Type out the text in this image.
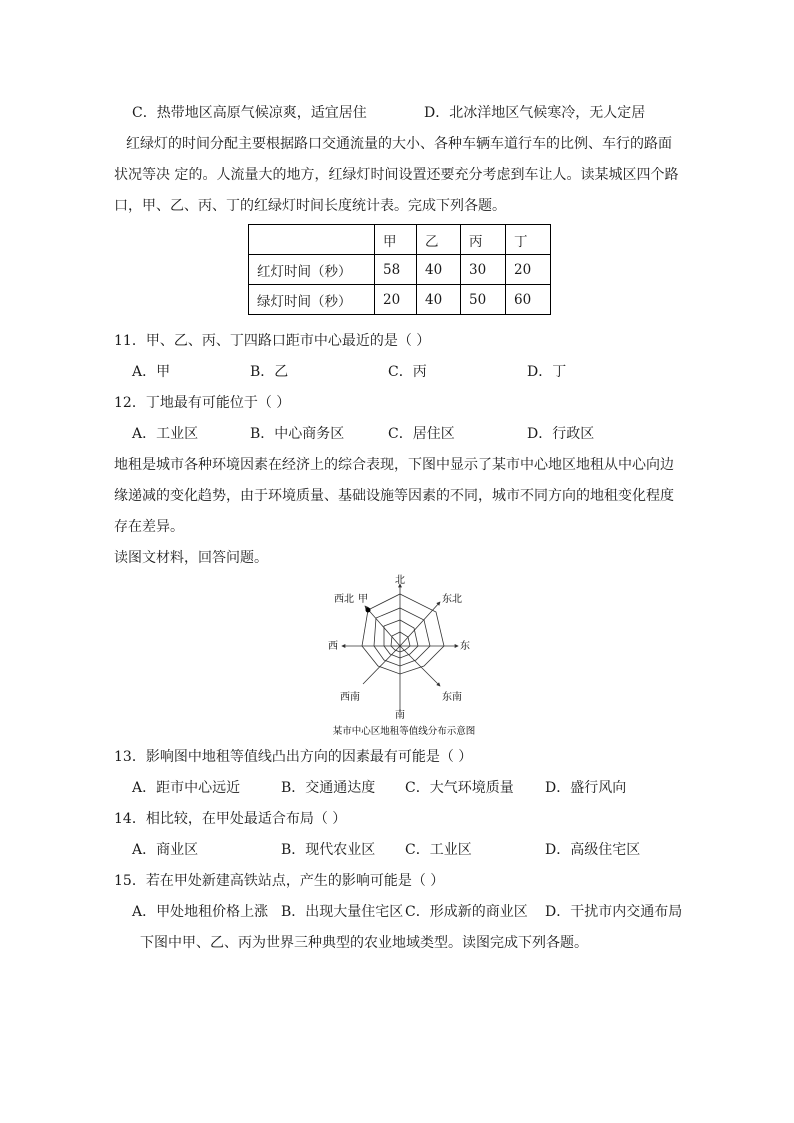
C．热带地区高原气候凉爽，适宜居住	D．北冰洋地区气候寒冷，无人定居
红绿灯的时间分配主要根据路口交通流量的大小、各种车辆车道行车的比例、车行的路面
状况等决 定的。人流量大的地方，红绿灯时间设置还要充分考虑到车让人。读某城区四个路
口，甲、乙、丙、丁的红绿灯时间长度统计表。完成下列各题。
	甲	乙	丙	丁
红灯时间（秒）	58	40	30	20
绿灯时间（秒）	20	40	50	60
11．甲、乙、丙、丁四路口距市中心最近的是（ ）
A．甲	B．乙	C．丙	D．丁
12．丁地最有可能位于（ ）
A．工业区	B．中心商务区	C．居住区	D．行政区
地租是城市各种环境因素在经济上的综合表现，下图中显示了某市中心地区地租从中心向边
缘递减的变化趋势，由于环境质量、基础设施等因素的不同，城市不同方向的地租变化程度
存在差异。
读图文材料，回答问题。
北
南
西	东
东北
西北 甲
东南
西南
某市中心区地租等值线分布示意图
13．影响图中地租等值线凸出方向的因素最有可能是（ ）
A．距市中心远近	B．交通通达度 C．大气环境质量 D．盛行风向
14．相比较，在甲处最适合布局（ ）
A．商业区	B．现代农业区 C．工业区	D．高级住宅区
15．若在甲处新建高铁站点，产生的影响可能是（ ）
A．甲处地租价格上涨 B．出现大量住宅区 C．形成新的商业区 D．干扰市内交通布局
下图中甲、乙、丙为世界三种典型的农业地域类型。读图完成下列各题。
